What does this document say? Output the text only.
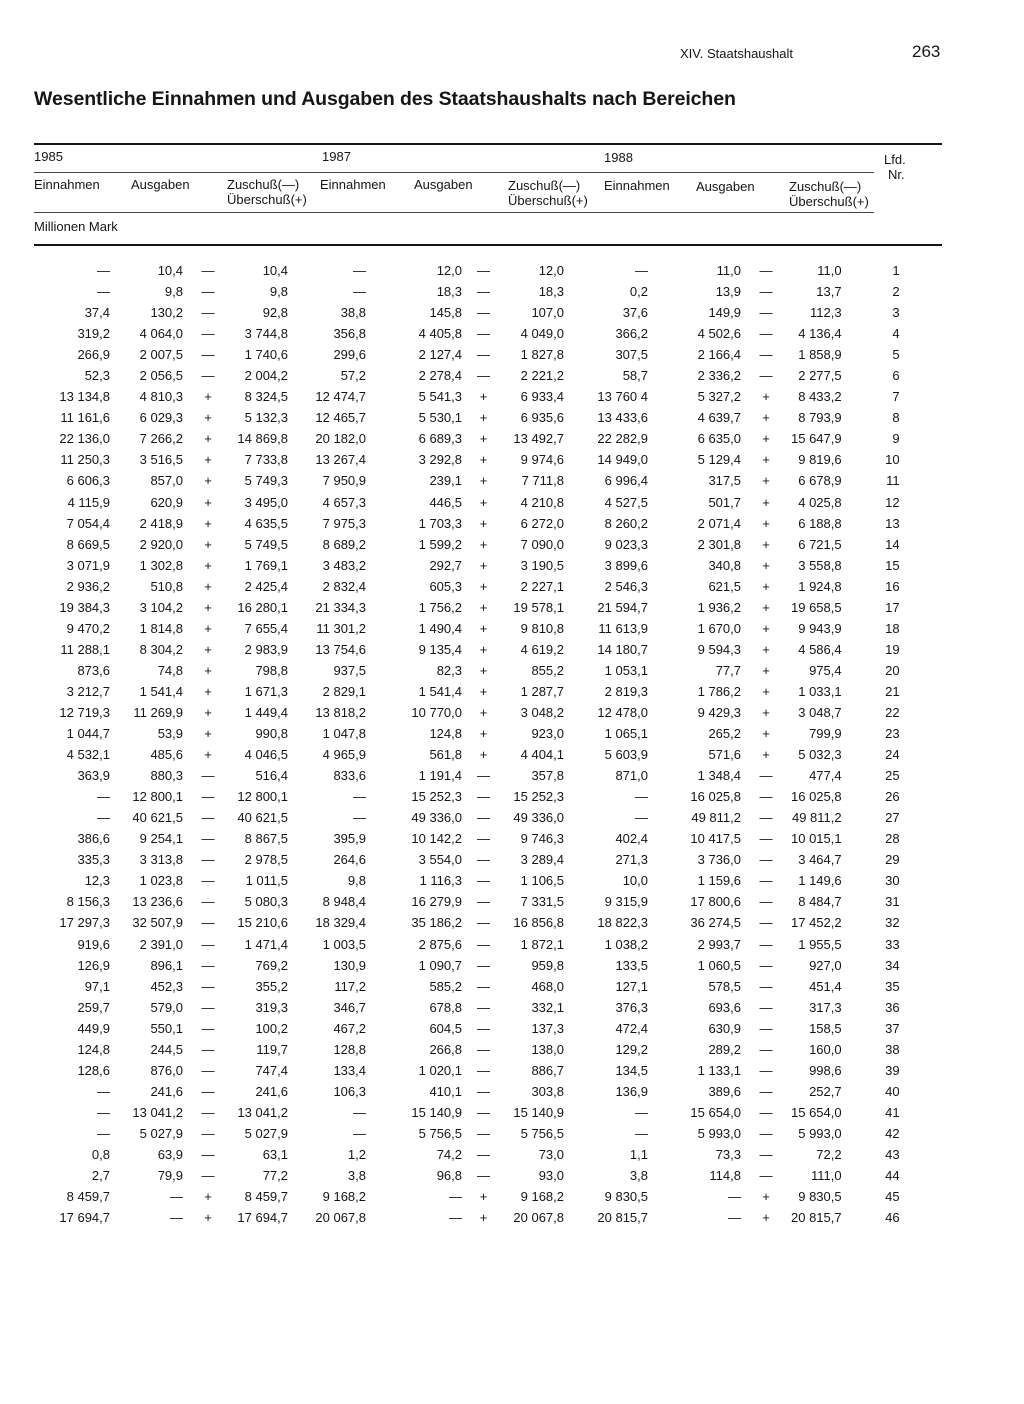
XIV. Staatshaushalt	263
Wesentliche Einnahmen und Ausgaben des Staatshaushalts nach Bereichen
1985	1987	1988
Einnahmen Ausgaben	Zuschuß(—)
Überschuß(+)
Einnahmen Ausgaben	Zuschuß(—)
Überschuß(+)
Einnahmen Ausgaben	Zuschuß(—)
Überschuß(+)
Lfd.
Nr.
Millionen Mark
—	10,4	—	10,4	—	12,0	—	12,0	—	11,0	—	11,0	1
—	9,8	—	9,8	—	18,3	—	18,3	0,2	13,9	—	13,7	2
37,4	130,2	—	92,8	38,8	145,8	—	107,0	37,6	149,9	—	112,3	3
319,2	4 064,0	—	3 744,8	356,8	4 405,8	—	4 049,0	366,2	4 502,6	—	4 136,4	4
266,9	2 007,5	—	1 740,6	299,6	2 127,4	—	1 827,8	307,5	2 166,4	—	1 858,9	5
52,3	2 056,5	—	2 004,2	57,2	2 278,4	—	2 221,2	58,7	2 336,2	—	2 277,5	6
13 134,8	4 810,3	+	8 324,5	12 474,7	5 541,3	+	6 933,4	13 760 4	5 327,2	+	8 433,2	7
11 161,6	6 029,3	+	5 132,3	12 465,7	5 530,1	+	6 935,6	13 433,6	4 639,7	+	8 793,9	8
22 136,0	7 266,2	+	14 869,8	20 182,0	6 689,3	+	13 492,7	22 282,9	6 635,0	+	15 647,9	9
11 250,3	3 516,5	+	7 733,8	13 267,4	3 292,8	+	9 974,6	14 949,0	5 129,4	+	9 819,6	10
6 606,3	857,0	+	5 749,3	7 950,9	239,1	+	7 711,8	6 996,4	317,5	+	6 678,9	11
4 115,9	620,9	+	3 495,0	4 657,3	446,5	+	4 210,8	4 527,5	501,7	+	4 025,8	12
7 054,4	2 418,9	+	4 635,5	7 975,3	1 703,3	+	6 272,0	8 260,2	2 071,4	+	6 188,8	13
8 669,5	2 920,0	+	5 749,5	8 689,2	1 599,2	+	7 090,0	9 023,3	2 301,8	+	6 721,5	14
3 071,9	1 302,8	+	1 769,1	3 483,2	292,7	+	3 190,5	3 899,6	340,8	+	3 558,8	15
2 936,2	510,8	+	2 425,4	2 832,4	605,3	+	2 227,1	2 546,3	621,5	+	1 924,8	16
19 384,3	3 104,2	+	16 280,1	21 334,3	1 756,2	+	19 578,1	21 594,7	1 936,2	+	19 658,5	17
9 470,2	1 814,8	+	7 655,4	11 301,2	1 490,4	+	9 810,8	11 613,9	1 670,0	+	9 943,9	18
11 288,1	8 304,2	+	2 983,9	13 754,6	9 135,4	+	4 619,2	14 180,7	9 594,3	+	4 586,4	19
873,6	74,8	+	798,8	937,5	82,3	+	855,2	1 053,1	77,7	+	975,4	20
3 212,7	1 541,4	+	1 671,3	2 829,1	1 541,4	+	1 287,7	2 819,3	1 786,2	+	1 033,1	21
12 719,3	11 269,9	+	1 449,4	13 818,2	10 770,0	+	3 048,2	12 478,0	9 429,3	+	3 048,7	22
1 044,7	53,9	+	990,8	1 047,8	124,8	+	923,0	1 065,1	265,2	+	799,9	23
4 532,1	485,6	+	4 046,5	4 965,9	561,8	+	4 404,1	5 603,9	571,6	+	5 032,3	24
363,9	880,3	—	516,4	833,6	1 191,4	—	357,8	871,0	1 348,4	—	477,4	25
—	12 800,1	—	12 800,1	—	15 252,3	—	15 252,3	—	16 025,8	—	16 025,8	26
—	40 621,5	—	40 621,5	—	49 336,0	—	49 336,0	—	49 811,2	—	49 811,2	27
386,6	9 254,1	—	8 867,5	395,9	10 142,2	—	9 746,3	402,4	10 417,5	—	10 015,1	28
335,3	3 313,8	—	2 978,5	264,6	3 554,0	—	3 289,4	271,3	3 736,0	—	3 464,7	29
12,3	1 023,8	—	1 011,5	9,8	1 116,3	—	1 106,5	10,0	1 159,6	—	1 149,6	30
8 156,3	13 236,6	—	5 080,3	8 948,4	16 279,9	—	7 331,5	9 315,9	17 800,6	—	8 484,7	31
17 297,3	32 507,9	—	15 210,6	18 329,4	35 186,2	—	16 856,8	18 822,3	36 274,5	—	17 452,2	32
919,6	2 391,0	—	1 471,4	1 003,5	2 875,6	—	1 872,1	1 038,2	2 993,7	—	1 955,5	33
126,9	896,1	—	769,2	130,9	1 090,7	—	959,8	133,5	1 060,5	—	927,0	34
97,1	452,3	—	355,2	117,2	585,2	—	468,0	127,1	578,5	—	451,4	35
259,7	579,0	—	319,3	346,7	678,8	—	332,1	376,3	693,6	—	317,3	36
449,9	550,1	—	100,2	467,2	604,5	—	137,3	472,4	630,9	—	158,5	37
124,8	244,5	—	119,7	128,8	266,8	—	138,0	129,2	289,2	—	160,0	38
128,6	876,0	—	747,4	133,4	1 020,1	—	886,7	134,5	1 133,1	—	998,6	39
—	241,6	—	241,6	106,3	410,1	—	303,8	136,9	389,6	—	252,7	40
—	13 041,2	—	13 041,2	—	15 140,9	—	15 140,9	—	15 654,0	—	15 654,0	41
—	5 027,9	—	5 027,9	—	5 756,5	—	5 756,5	—	5 993,0	—	5 993,0	42
0,8	63,9	—	63,1	1,2	74,2	—	73,0	1,1	73,3	—	72,2	43
2,7	79,9	—	77,2	3,8	96,8	—	93,0	3,8	114,8	—	111,0	44
8 459,7	—	+	8 459,7	9 168,2	—	+	9 168,2	9 830,5	—	+	9 830,5	45
17 694,7	—	+	17 694,7	20 067,8	—	+	20 067,8	20 815,7	—	+	20 815,7	46
